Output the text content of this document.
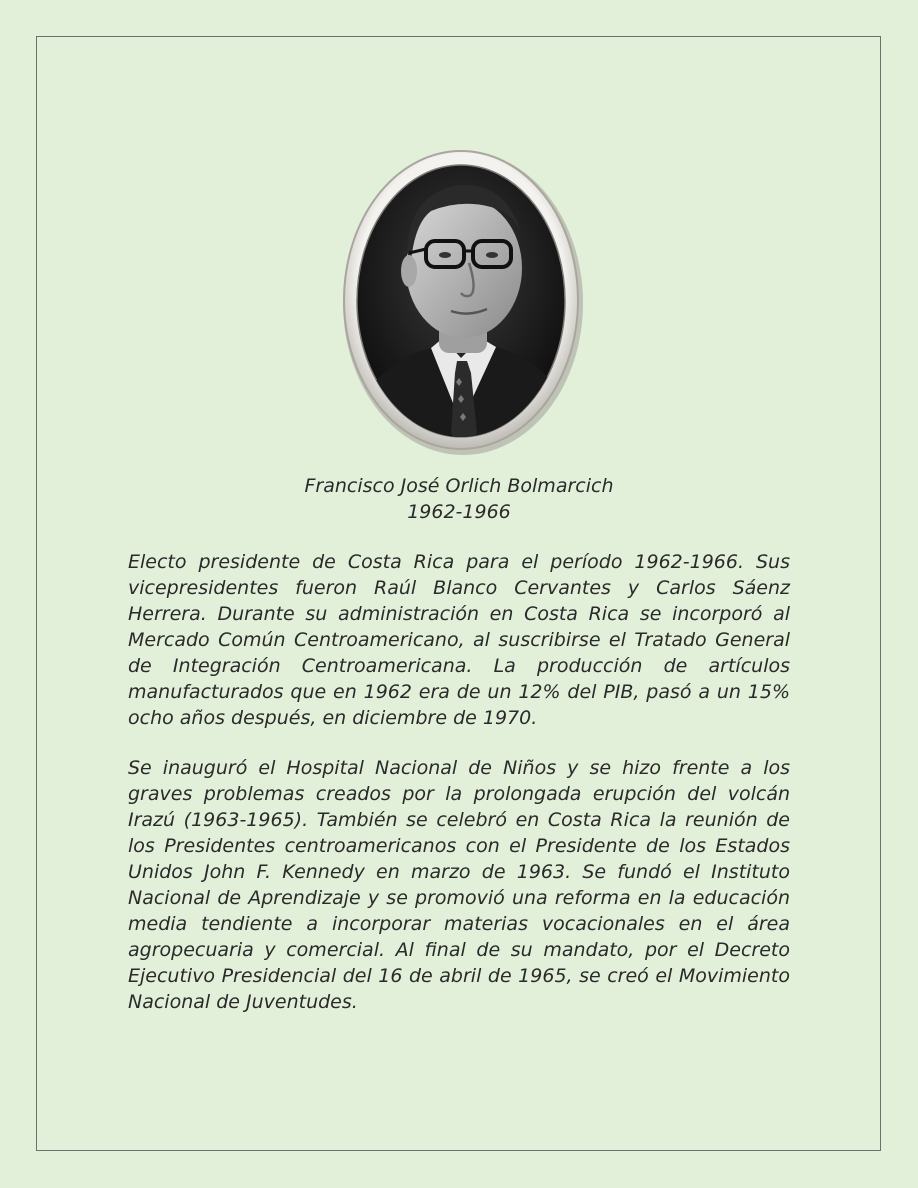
Francisco José Orlich Bolmarcich
1962-1966

Electo presidente de Costa Rica para el período 1962-1966. Sus vicepresidentes fueron Raúl Blanco Cervantes y Carlos Sáenz Herrera. Durante su administración en Costa Rica se incorporó al Mercado Común Centroamericano, al suscribirse el Tratado General de Integración Centroamericana. La producción de artículos manufacturados que en 1962 era de un 12% del PIB, pasó a un 15% ocho años después, en diciembre de 1970.

Se inauguró el Hospital Nacional de Niños y se hizo frente a los graves problemas creados por la prolongada erupción del volcán Irazú (1963-1965). También se celebró en Costa Rica la reunión de los Presidentes centroamericanos con el Presidente de los Estados Unidos John F. Kennedy en marzo de 1963. Se fundó el Instituto Nacional de Aprendizaje y se promovió una reforma en la educación media tendiente a incorporar materias vocacionales en el área agropecuaria y comercial. Al final de su mandato, por el Decreto Ejecutivo Presidencial del 16 de abril de 1965, se creó el Movimiento Nacional de Juventudes.
